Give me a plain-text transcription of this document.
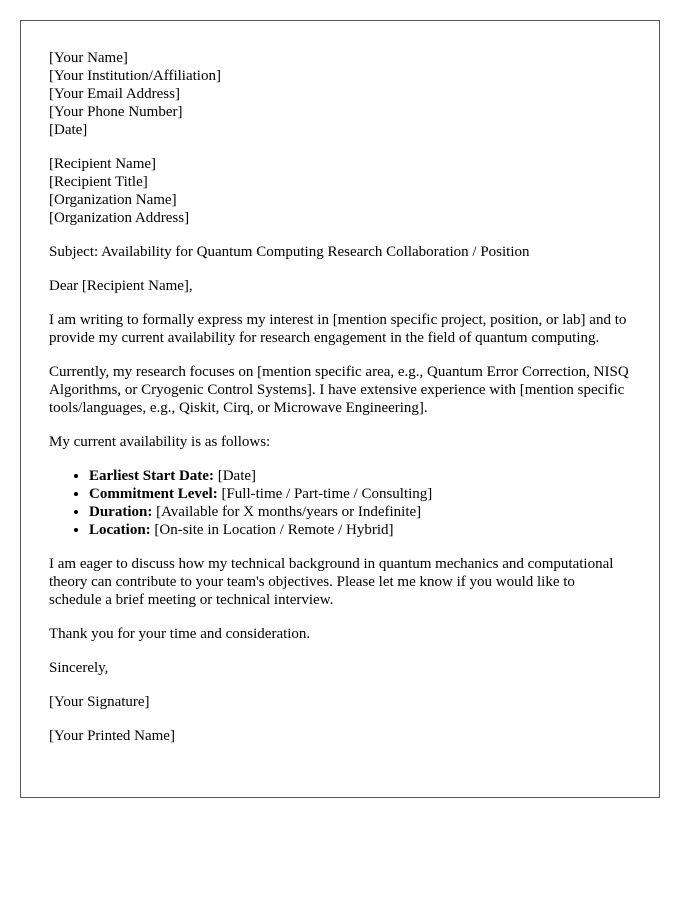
[Your Name]
[Your Institution/Affiliation]
[Your Email Address]
[Your Phone Number]
[Date]
[Recipient Name]
[Recipient Title]
[Organization Name]
[Organization Address]

Subject: Availability for Quantum Computing Research Collaboration / Position

Dear [Recipient Name],

I am writing to formally express my interest in [mention specific project, position, or lab] and to provide my current availability for research engagement in the field of quantum computing.

Currently, my research focuses on [mention specific area, e.g., Quantum Error Correction, NISQ Algorithms, or Cryogenic Control Systems]. I have extensive experience with [mention specific tools/languages, e.g., Qiskit, Cirq, or Microwave Engineering].

My current availability is as follows:

• Earliest Start Date: [Date]
• Commitment Level: [Full-time / Part-time / Consulting]
• Duration: [Available for X months/years or Indefinite]
• Location: [On-site in Location / Remote / Hybrid]

I am eager to discuss how my technical background in quantum mechanics and computational theory can contribute to your team's objectives. Please let me know if you would like to schedule a brief meeting or technical interview.

Thank you for your time and consideration.

Sincerely,

[Your Signature]

[Your Printed Name]
